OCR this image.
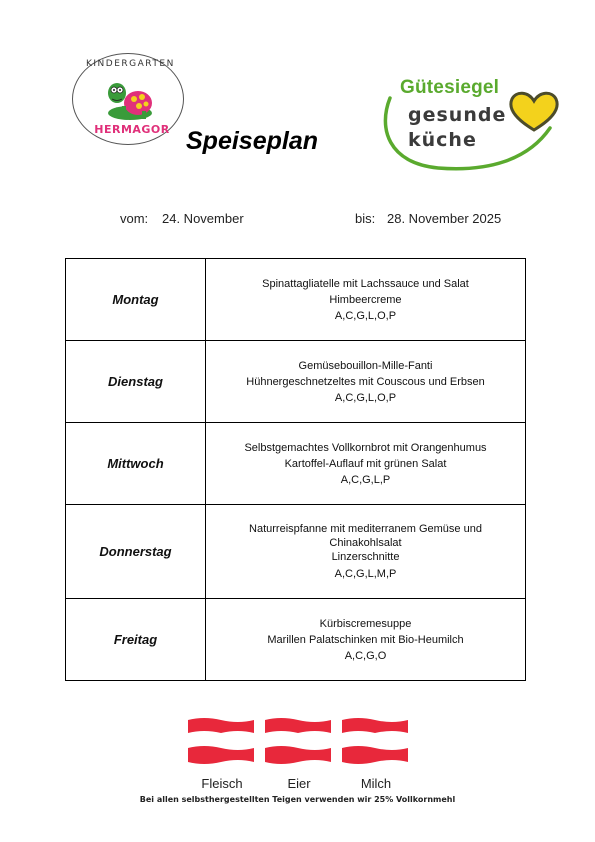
KINDERGARTEN
HERMAGOR Speiseplan
Gütesiegel
gesunde
küche
vom: 24. November	bis: 28. November 2025
Montag	Spinattagliatelle mit Lachssauce und Salat
Himbeercreme
A,C,G,L,O,P

Dienstag	Gemüsebouillon-Mille-Fanti
Hühnergeschnetzeltes mit Couscous und Erbsen
A,C,G,L,O,P

Mittwoch	Selbstgemachtes Vollkornbrot mit Orangenhumus
Kartoffel-Auflauf mit grünen Salat
A,C,G,L,P

Donnerstag	Naturreispfanne mit mediterranem Gemüse und
Chinakohlsalat
Linzerschnitte
A,C,G,L,M,P

Freitag	Kürbiscremesuppe
Marillen Palatschinken mit Bio-Heumilch
A,C,G,O
Fleisch	Eier	Milch
Bei allen selbsthergestellten Teigen verwenden wir 25% Vollkornmehl
